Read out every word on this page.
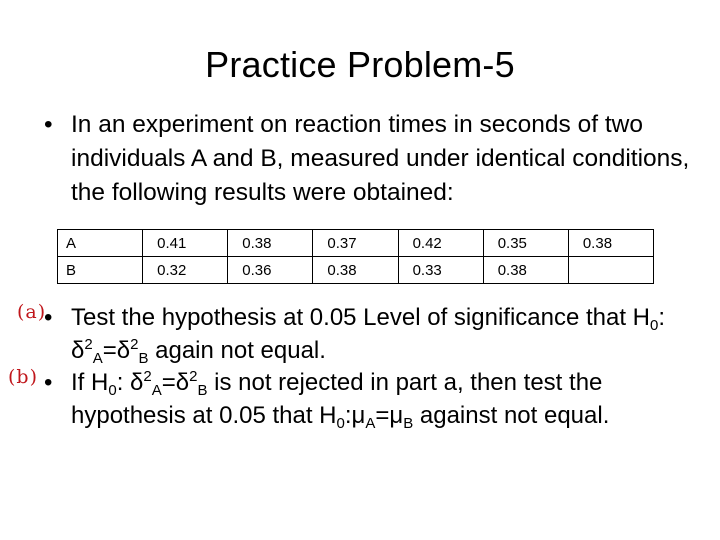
Practice Problem-5
• In an experiment on reaction times in seconds of two individuals A and B, measured under identical conditions, the following results were obtained:
A	0.41	0.38	0.37	0.42	0.35	0.38
B	0.32	0.36	0.38	0.33	0.38	
(a)
• Test the hypothesis at 0.05 Level of significance that $H_0$: $\delta^2_A=\delta^2_B$ again not equal.
(b) • If $H_0$: $\delta^2_A=\delta^2_B$ is not rejected in part a, then test the hypothesis at 0.05 that $H_0:\mu_A=\mu_B$ against not equal.
